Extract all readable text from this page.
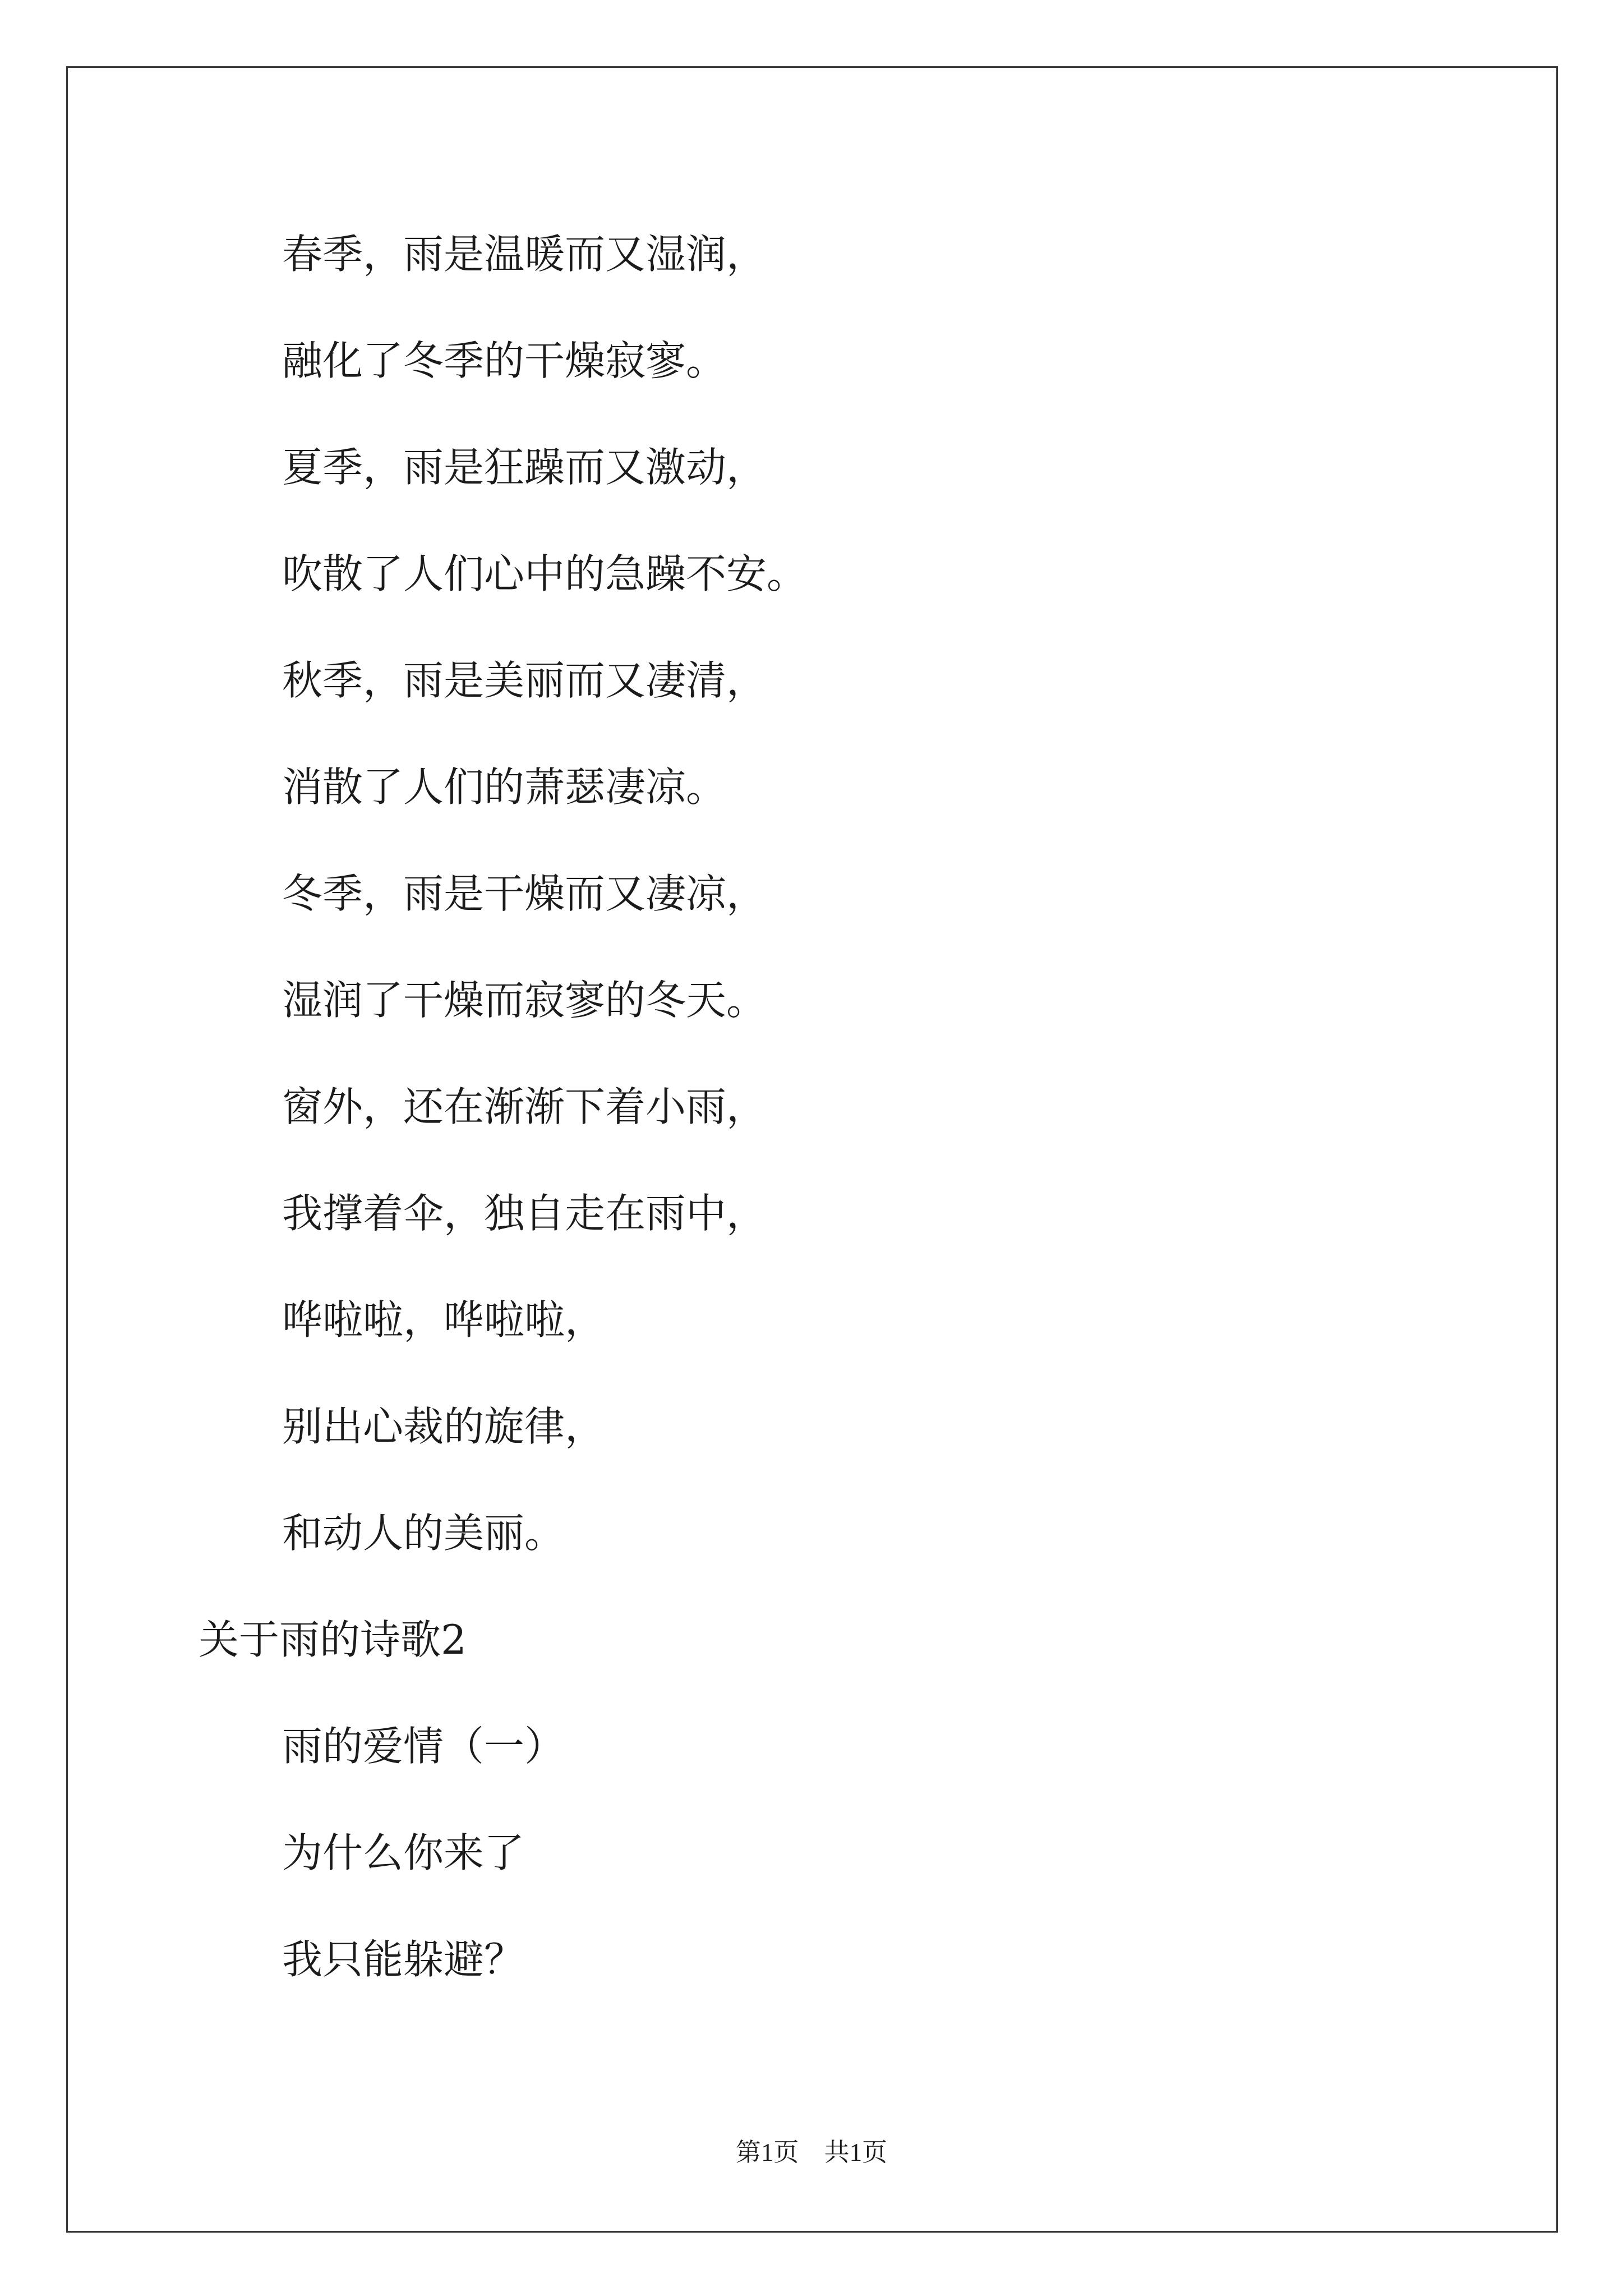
春季，雨是温暖而又湿润，
融化了冬季的干燥寂寥。
夏季，雨是狂躁而又激动，
吹散了人们心中的急躁不安。
秋季，雨是美丽而又凄清，
消散了人们的萧瑟凄凉。
冬季，雨是干燥而又凄凉，
湿润了干燥而寂寥的冬天。
窗外，还在渐渐下着小雨，
我撑着伞，独自走在雨中，
哗啦啦，哗啦啦，
别出心裁的旋律，
和动人的美丽。
关于雨的诗歌2
雨的爱情（一）
为什么你来了
我只能躲避？
第1页 共1页
